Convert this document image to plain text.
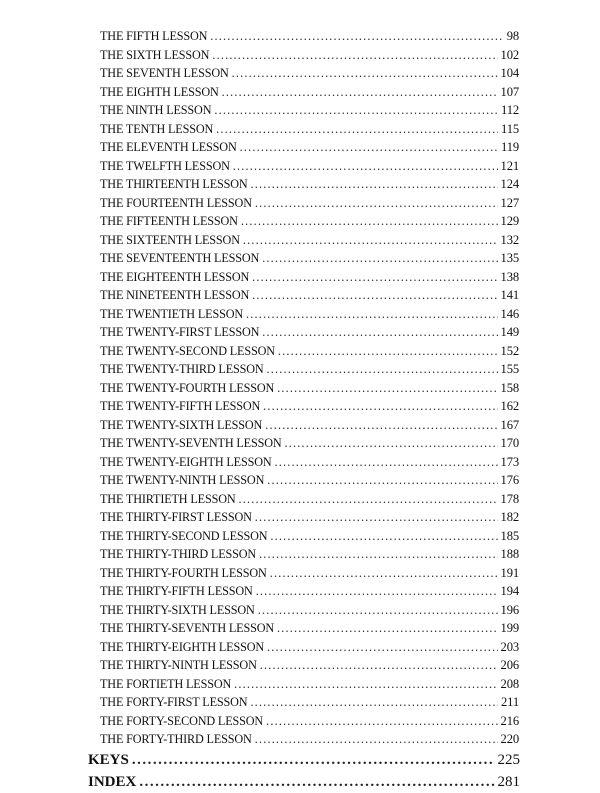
THE FIFTH LESSON .....	98
THE SIXTH LESSON .....	102
THE SEVENTH LESSON .....	104
THE EIGHTH LESSON .....	107
THE NINTH LESSON .....	112
THE TENTH LESSON .....	115
THE ELEVENTH LESSON .....	119
THE TWELFTH LESSON .....	121
THE THIRTEENTH LESSON .....	124
THE FOURTEENTH LESSON .....	127
THE FIFTEENTH LESSON .....	129
THE SIXTEENTH LESSON .....	132
THE SEVENTEENTH LESSON .....	135
THE EIGHTEENTH LESSON .....	138
THE NINETEENTH LESSON .....	141
THE TWENTIETH LESSON .....	146
THE TWENTY-FIRST LESSON .....	149
THE TWENTY-SECOND LESSON .....	152
THE TWENTY-THIRD LESSON .....	155
THE TWENTY-FOURTH LESSON .....	158
THE TWENTY-FIFTH LESSON .....	162
THE TWENTY-SIXTH LESSON .....	167
THE TWENTY-SEVENTH LESSON .....	170
THE TWENTY-EIGHTH LESSON .....	173
THE TWENTY-NINTH LESSON .....	176
THE THIRTIETH LESSON .....	178
THE THIRTY-FIRST LESSON .....	182
THE THIRTY-SECOND LESSON .....	185
THE THIRTY-THIRD LESSON .....	188
THE THIRTY-FOURTH LESSON .....	191
THE THIRTY-FIFTH LESSON .....	194
THE THIRTY-SIXTH LESSON .....	196
THE THIRTY-SEVENTH LESSON .....	199
THE THIRTY-EIGHTH LESSON .....	203
THE THIRTY-NINTH LESSON .....	206
THE FORTIETH LESSON .....	208
THE FORTY-FIRST LESSON .....	211
THE FORTY-SECOND LESSON .....	216
THE FORTY-THIRD LESSON .....	220
KEYS .....	225
INDEX .....	281
